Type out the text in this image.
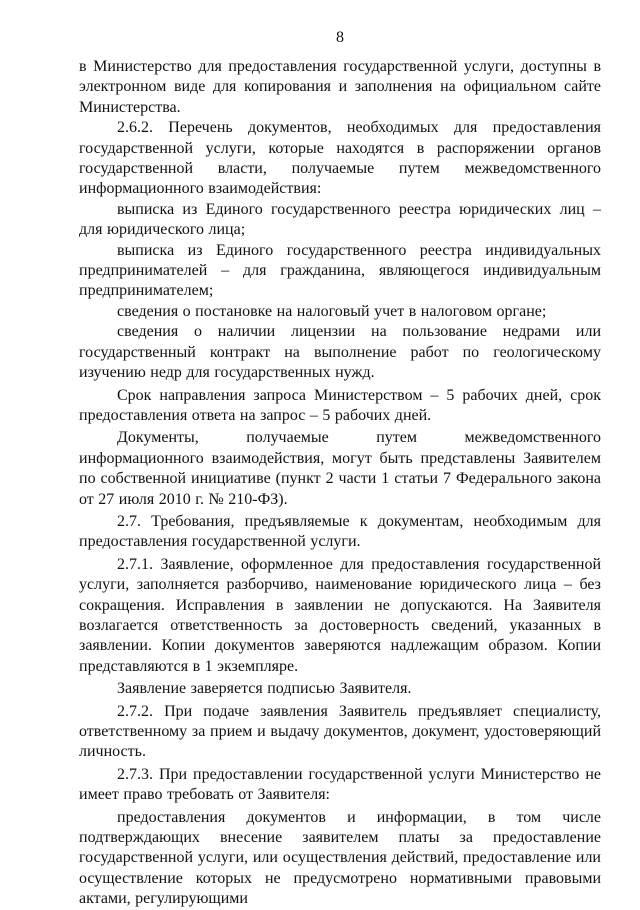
8

в Министерство для предоставления государственной услуги, доступны в электронном виде для копирования и заполнения на официальном сайте Министерства.

2.6.2. Перечень документов, необходимых для предоставления государственной услуги, которые находятся в распоряжении органов государственной власти, получаемые путем межведомственного информационного взаимодействия:

выписка из Единого государственного реестра юридических лиц – для юридического лица;

выписка из Единого государственного реестра индивидуальных предпринимателей – для гражданина, являющегося индивидуальным предпринимателем;

сведения о постановке на налоговый учет в налоговом органе;

сведения о наличии лицензии на пользование недрами или государственный контракт на выполнение работ по геологическому изучению недр для государственных нужд.

Срок направления запроса Министерством – 5 рабочих дней, срок предоставления ответа на запрос – 5 рабочих дней.

Документы, получаемые путем межведомственного информационного взаимодействия, могут быть представлены Заявителем по собственной инициативе (пункт 2 части 1 статьи 7 Федерального закона от 27 июля 2010 г. № 210-ФЗ).

2.7. Требования, предъявляемые к документам, необходимым для предоставления государственной услуги.

2.7.1. Заявление, оформленное для предоставления государственной услуги, заполняется разборчиво, наименование юридического лица – без сокращения. Исправления в заявлении не допускаются. На Заявителя возлагается ответственность за достоверность сведений, указанных в заявлении. Копии документов заверяются надлежащим образом. Копии представляются в 1 экземпляре.

Заявление заверяется подписью Заявителя.

2.7.2. При подаче заявления Заявитель предъявляет специалисту, ответственному за прием и выдачу документов, документ, удостоверяющий личность.

2.7.3. При предоставлении государственной услуги Министерство не имеет право требовать от Заявителя:

предоставления документов и информации, в том числе подтверждающих внесение заявителем платы за предоставление государственной услуги, или осуществления действий, предоставление или осуществление которых не предусмотрено нормативными правовыми актами, регулирующими
